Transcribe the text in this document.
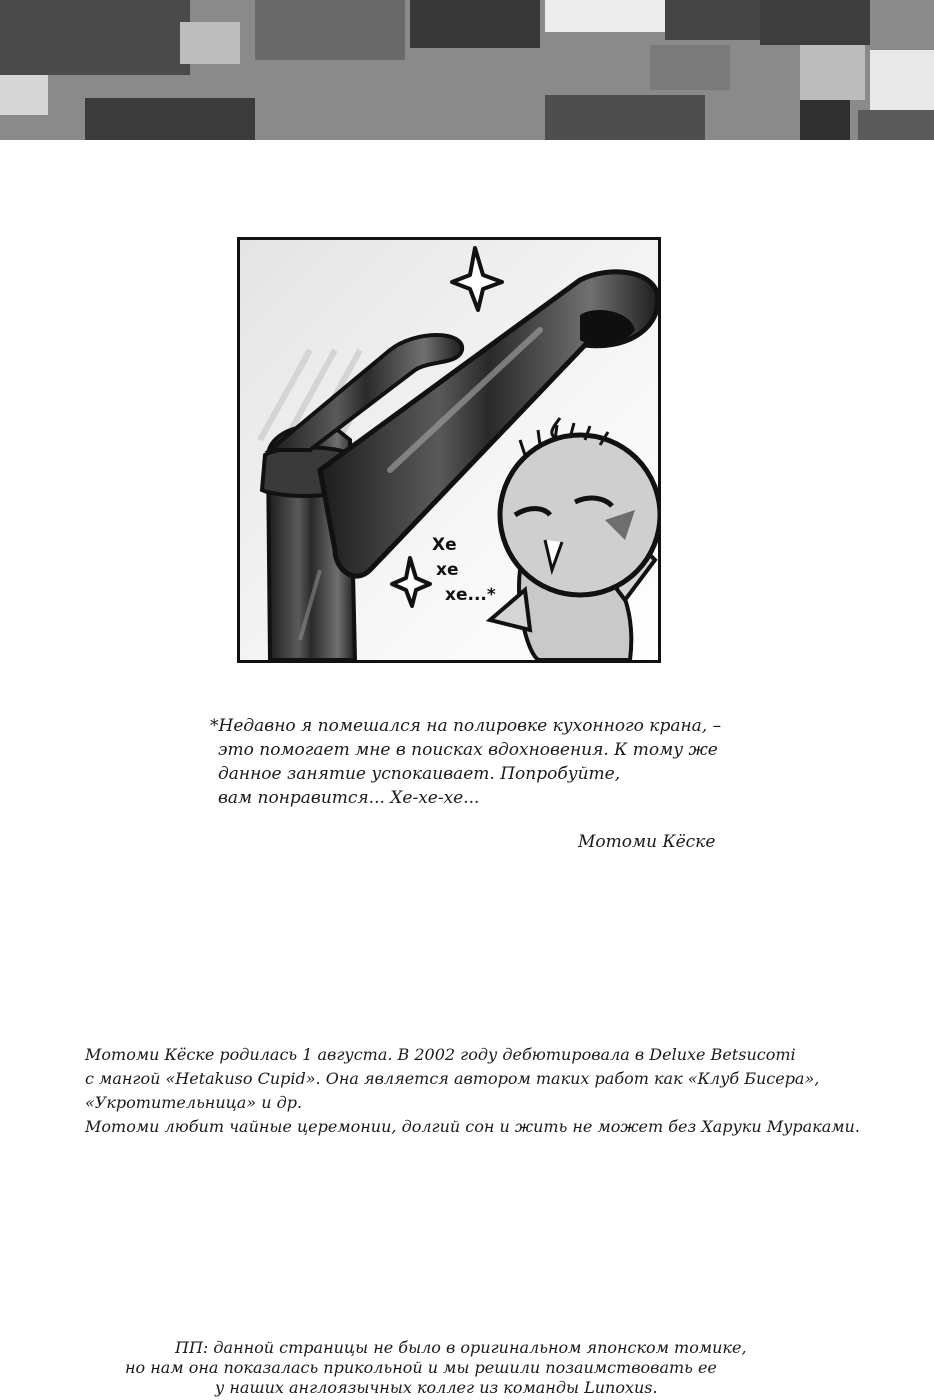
Хе
хе
хе...*

*Недавно я помешался на полировке кухонного крана, –

это помогает мне в поисках вдохновения. К тому же

данное занятие успокаивает. Попробуйте,

вам понравится... Хе-хе-хе...

Мотоми Кёске

Мотоми Кёске родилась 1 августа. В 2002 году дебютировала в Deluxe Betsucomi

с мангой «Hetakuso Cupid». Она является автором таких работ как «Клуб Бисера»,

«Укротительница» и др.

Мотоми любит чайные церемонии, долгий сон и жить не может без Харуки Мураками.

ПП: данной страницы не было в оригинальном японском томике,

но нам она показалась прикольной и мы решили позаимствовать ее

у наших англоязычных коллег из команды Lunoxus.
